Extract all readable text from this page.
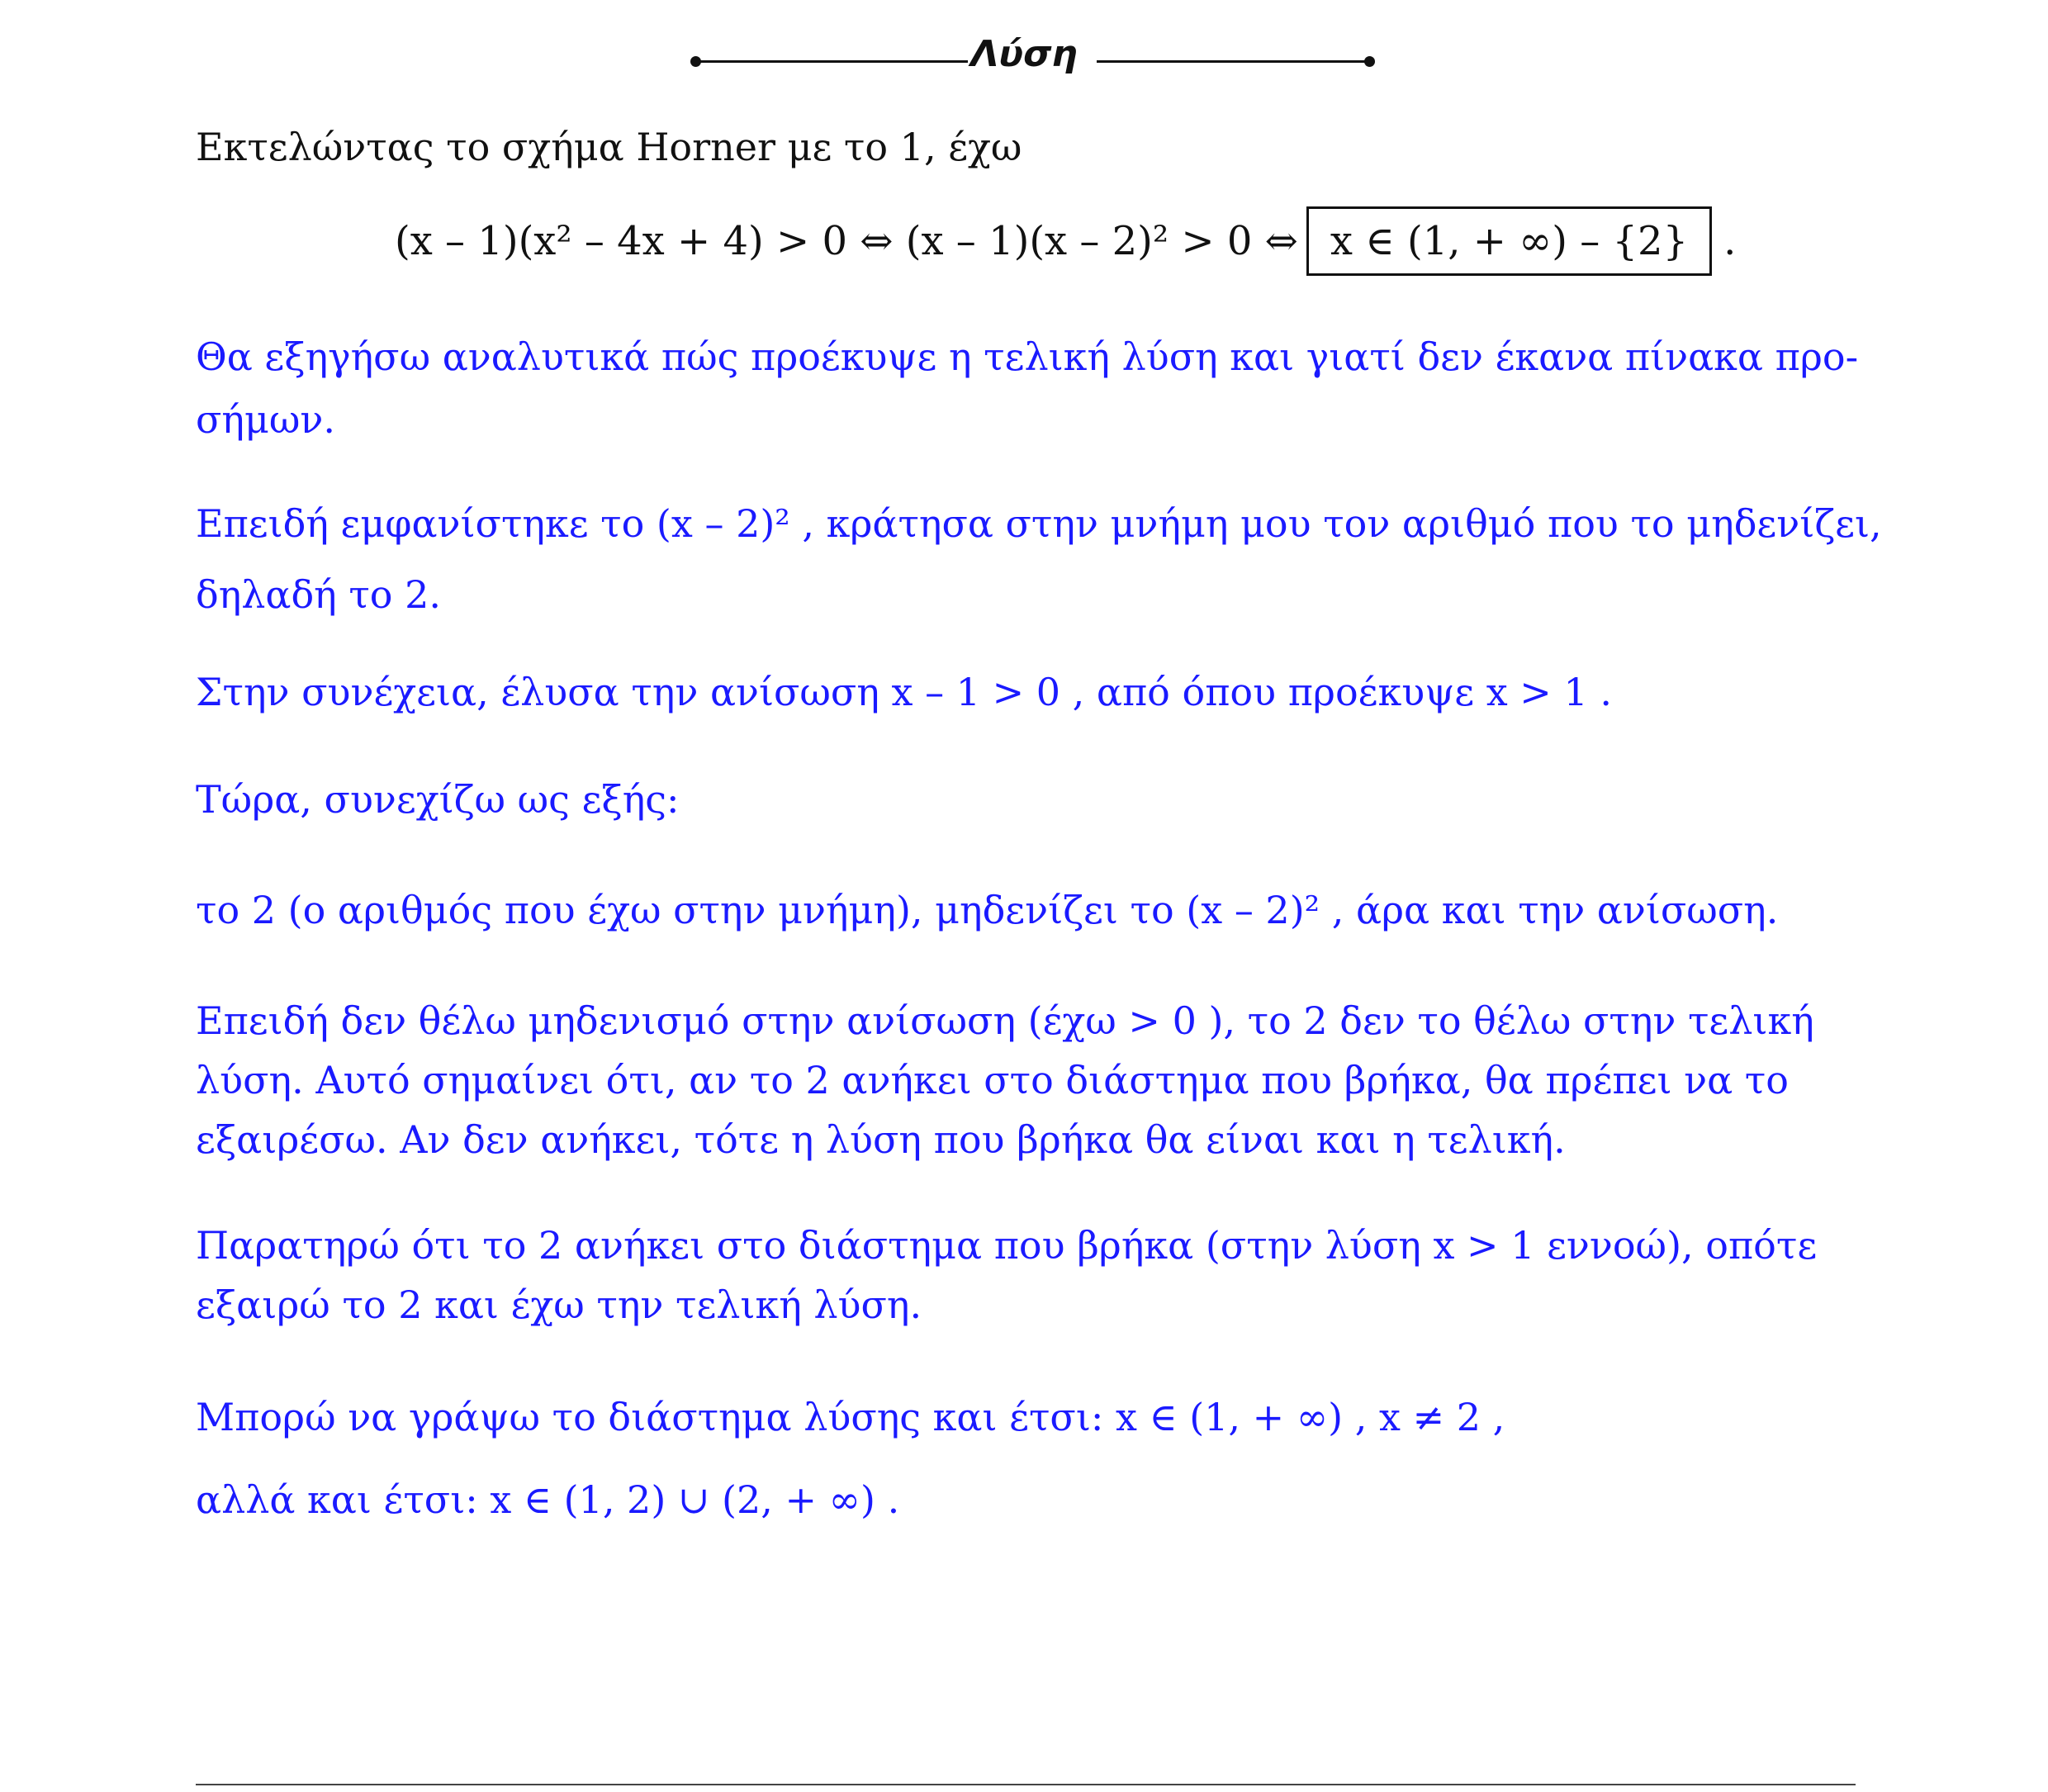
Λύση
Εκτελώντας το σχήμα Horner με το 1, έχω
(x – 1)(x² – 4x + 4) > 0 ⇔ (x – 1)(x – 2)² > 0 ⇔ x ∈ (1, + ∞) – {2} .
Θα εξηγήσω αναλυτικά πώς προέκυψε η τελική λύση και γιατί δεν έκανα πίνακα προ-
σήμων.
Επειδή εμφανίστηκε το (x – 2)² , κράτησα στην μνήμη μου τον αριθμό που το μηδενίζει,
δηλαδή το 2.
Στην συνέχεια, έλυσα την ανίσωση x – 1 > 0 , από όπου προέκυψε x > 1 .
Τώρα, συνεχίζω ως εξής:
το 2 (ο αριθμός που έχω στην μνήμη), μηδενίζει το (x – 2)² , άρα και την ανίσωση.
Επειδή δεν θέλω μηδενισμό στην ανίσωση (έχω > 0 ), το 2 δεν το θέλω στην τελική
λύση. Αυτό σημαίνει ότι, αν το 2 ανήκει στο διάστημα που βρήκα, θα πρέπει να το
εξαιρέσω. Αν δεν ανήκει, τότε η λύση που βρήκα θα είναι και η τελική.
Παρατηρώ ότι το 2 ανήκει στο διάστημα που βρήκα (στην λύση x > 1 εννοώ), οπότε
εξαιρώ το 2 και έχω την τελική λύση.
Μπορώ να γράψω το διάστημα λύσης και έτσι: x ∈ (1, + ∞) , x ≠ 2 ,
αλλά και έτσι: x ∈ (1, 2) ∪ (2, + ∞) .
